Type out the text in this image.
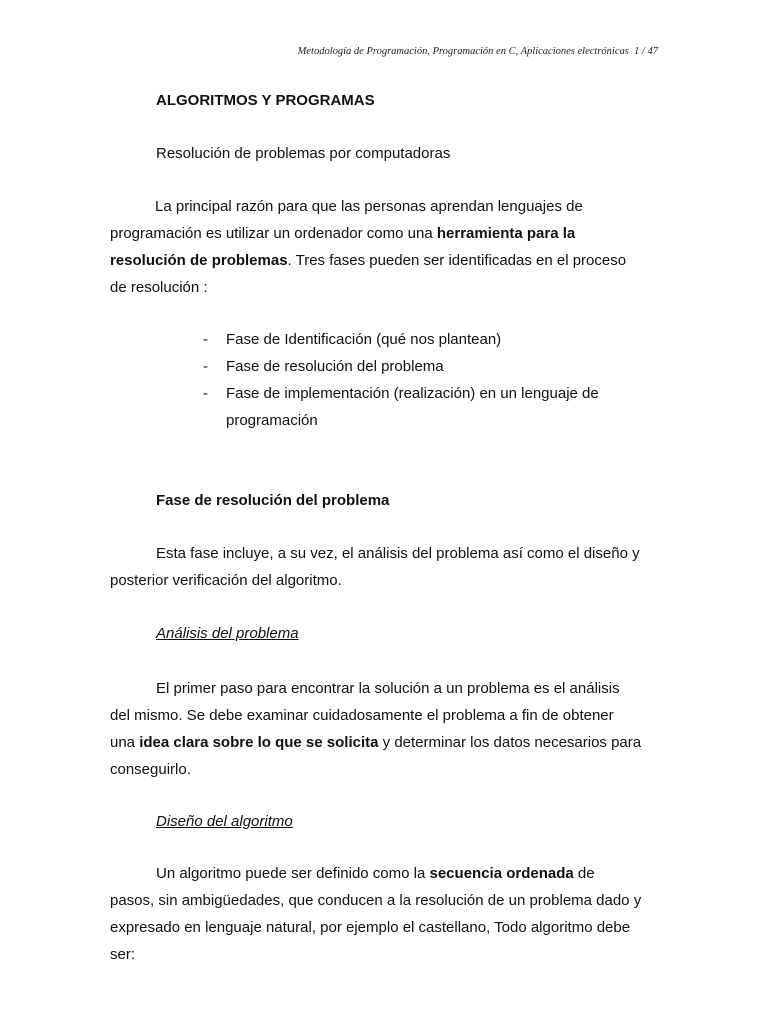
Metodología de Programación, Programación en C, Aplicaciones electrónicas 1 / 47
ALGORITMOS Y PROGRAMAS
Resolución de problemas por computadoras
La principal razón para que las personas aprendan lenguajes de
programación es utilizar un ordenador como una herramienta para la
resolución de problemas. Tres fases pueden ser identificadas en el proceso
de resolución :
- Fase de Identificación (qué nos plantean)
- Fase de resolución del problema
- Fase de implementación (realización) en un lenguaje de
programación
Fase de resolución del problema
Esta fase incluye, a su vez, el análisis del problema así como el diseño y
posterior verificación del algoritmo.
Análisis del problema
El primer paso para encontrar la solución a un problema es el análisis
del mismo. Se debe examinar cuidadosamente el problema a fin de obtener
una idea clara sobre lo que se solicita y determinar los datos necesarios para
conseguirlo.
Diseño del algoritmo
Un algoritmo puede ser definido como la secuencia ordenada de
pasos, sin ambigüedades, que conducen a la resolución de un problema dado y
expresado en lenguaje natural, por ejemplo el castellano, Todo algoritmo debe
ser:
